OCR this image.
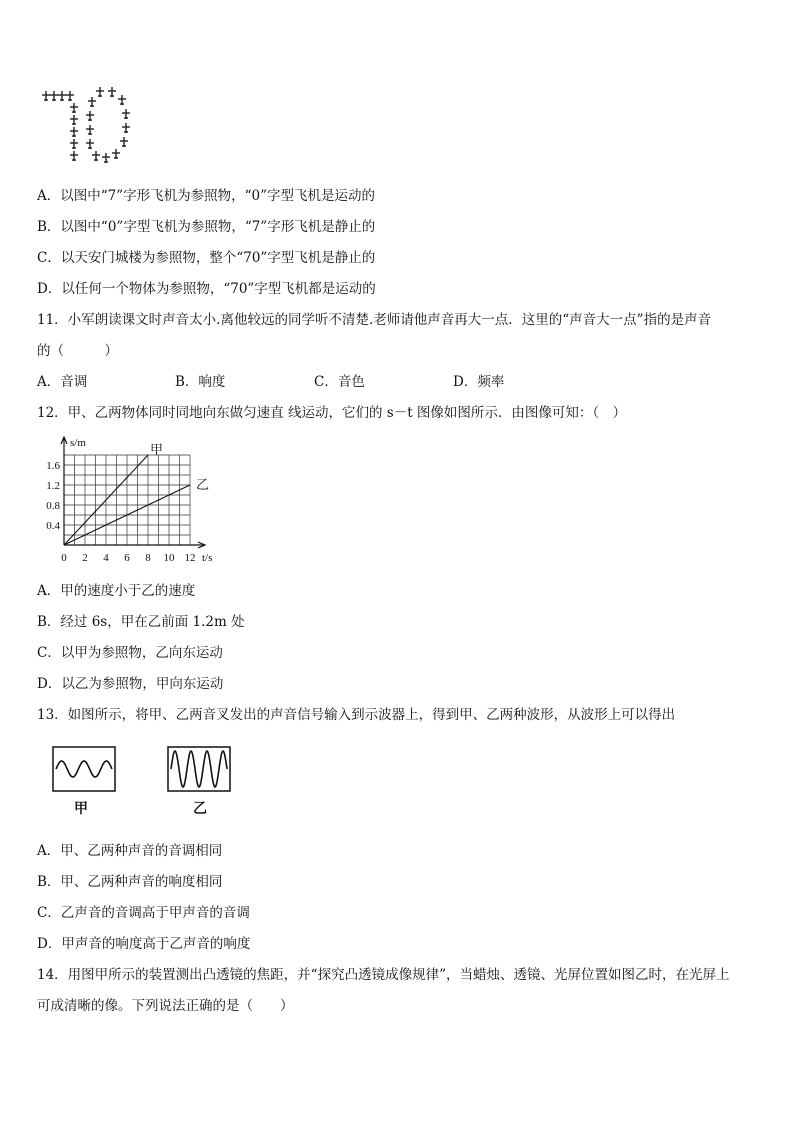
A．以图中“7”字形飞机为参照物，“0”字型飞机是运动的
B．以图中“0”字型飞机为参照物，“7”字形飞机是静止的
C．以天安门城楼为参照物，整个“70”字型飞机是静止的
D．以任何一个物体为参照物，“70”字型飞机都是运动的
11．小军朗读课文时声音太小.离他较远的同学听不清楚.老师请他声音再大一点．这里的“声音大一点”指的是声音
的（　　　）
A．音调	B．响度	C．音色	D．频率
12．甲、乙两物体同时同地向东做匀速直 线运动，它们的 s－t 图像如图所示．由图像可知：（　）
甲
乙
0 2 4 6 8 10 12
0.4
0.8
1.2
1.6
t/s
s/m
A．甲的速度小于乙的速度
B．经过 6s，甲在乙前面 1.2m 处
C．以甲为参照物，乙向东运动
D．以乙为参照物，甲向东运动
13．如图所示，将甲、乙两音叉发出的声音信号输入到示波器上，得到甲、乙两种波形，从波形上可以得出
甲	乙
A．甲、乙两种声音的音调相同
B．甲、乙两种声音的响度相同
C．乙声音的音调高于甲声音的音调
D．甲声音的响度高于乙声音的响度
14．用图甲所示的装置测出凸透镜的焦距，并“探究凸透镜成像规律”，当蜡烛、透镜、光屏位置如图乙时，在光屏上
可成清晰的像。下列说法正确的是（　　）
